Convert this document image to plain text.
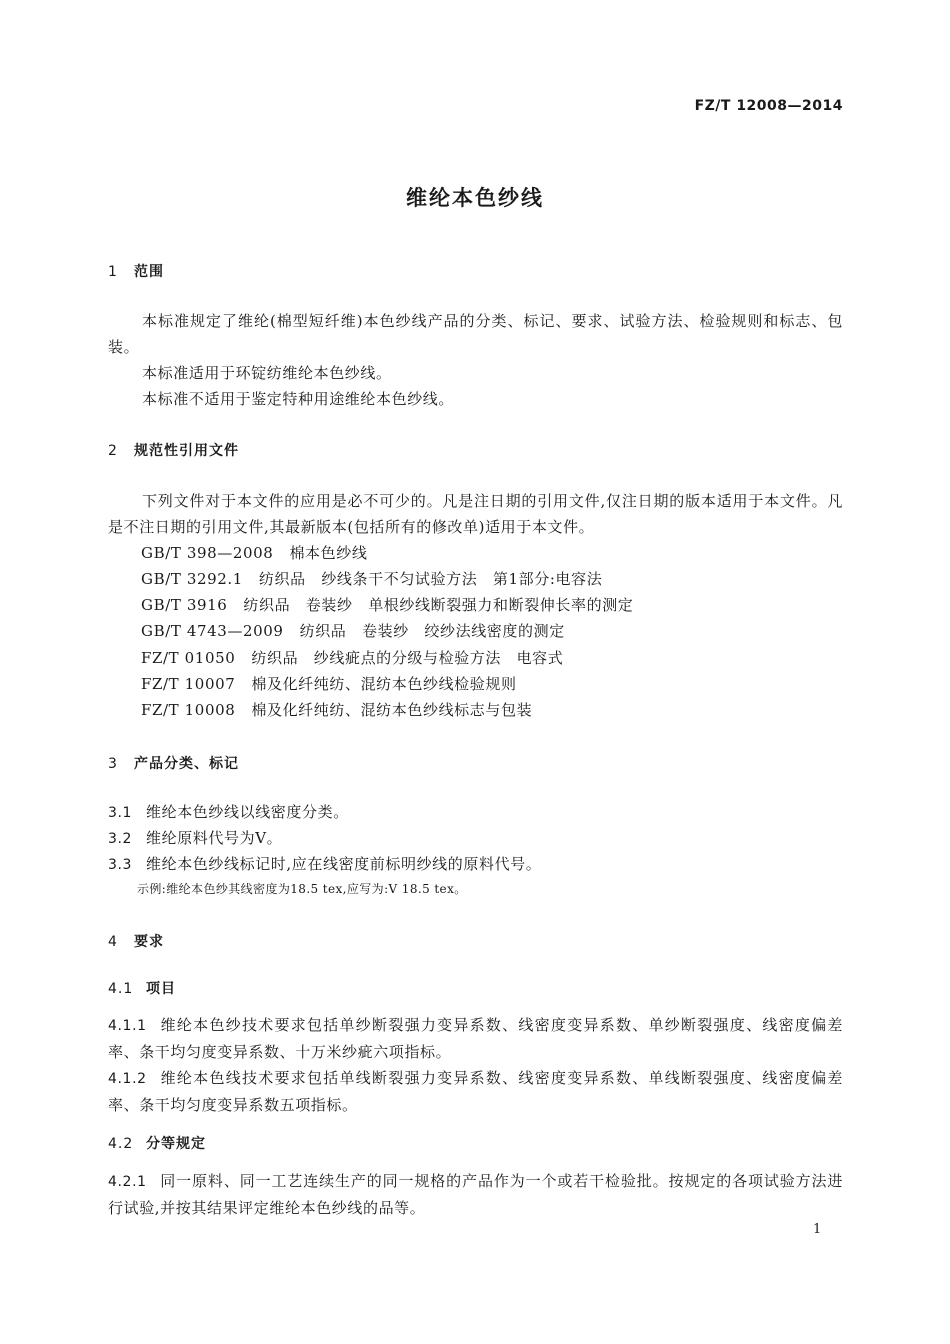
FZ/T 12008—2014
维纶本色纱线
1 范围
本标准规定了维纶(棉型短纤维)本色纱线产品的分类、标记、要求、试验方法、检验规则和标志、包装。
本标准适用于环锭纺维纶本色纱线。
本标准不适用于鉴定特种用途维纶本色纱线。
2 规范性引用文件
下列文件对于本文件的应用是必不可少的。凡是注日期的引用文件,仅注日期的版本适用于本文件。凡是不注日期的引用文件,其最新版本(包括所有的修改单)适用于本文件。
GB/T 398—2008 棉本色纱线
GB/T 3292.1 纺织品　纱线条干不匀试验方法　第1部分:电容法
GB/T 3916 纺织品　卷装纱　单根纱线断裂强力和断裂伸长率的测定
GB/T 4743—2009 纺织品　卷装纱　绞纱法线密度的测定
FZ/T 01050 纺织品　纱线疵点的分级与检验方法　电容式
FZ/T 10007 棉及化纤纯纺、混纺本色纱线检验规则
FZ/T 10008 棉及化纤纯纺、混纺本色纱线标志与包装
3 产品分类、标记
3.1 维纶本色纱线以线密度分类。
3.2 维纶原料代号为V。
3.3 维纶本色纱线标记时,应在线密度前标明纱线的原料代号。
示例:维纶本色纱其线密度为18.5 tex,应写为:V 18.5 tex。
4 要求
4.1 项目
4.1.1 维纶本色纱技术要求包括单纱断裂强力变异系数、线密度变异系数、单纱断裂强度、线密度偏差率、条干均匀度变异系数、十万米纱疵六项指标。
4.1.2 维纶本色线技术要求包括单线断裂强力变异系数、线密度变异系数、单线断裂强度、线密度偏差率、条干均匀度变异系数五项指标。
4.2 分等规定
4.2.1 同一原料、同一工艺连续生产的同一规格的产品作为一个或若干检验批。按规定的各项试验方法进行试验,并按其结果评定维纶本色纱线的品等。
1
